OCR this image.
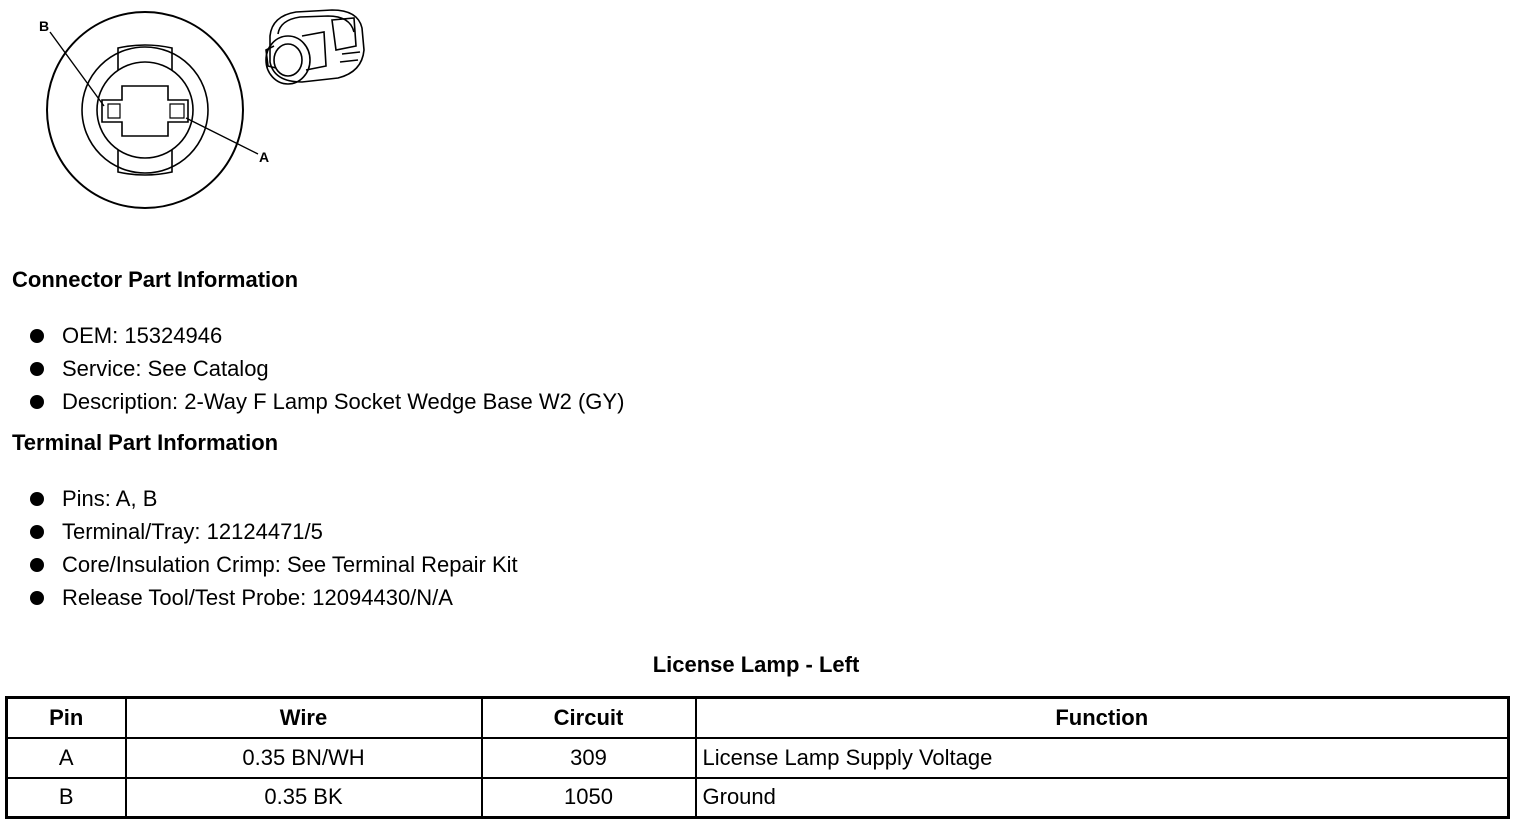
B
A
Connector Part Information
OEM: 15324946
Service: See Catalog
Description: 2-Way F Lamp Socket Wedge Base W2 (GY)
Terminal Part Information
Pins: A, B
Terminal/Tray: 12124471/5
Core/Insulation Crimp: See Terminal Repair Kit
Release Tool/Test Probe: 12094430/N/A
License Lamp - Left
Pin	Wire	Circuit	Function
A	0.35 BN/WH	309	License Lamp Supply Voltage
B	0.35 BK	1050	Ground
